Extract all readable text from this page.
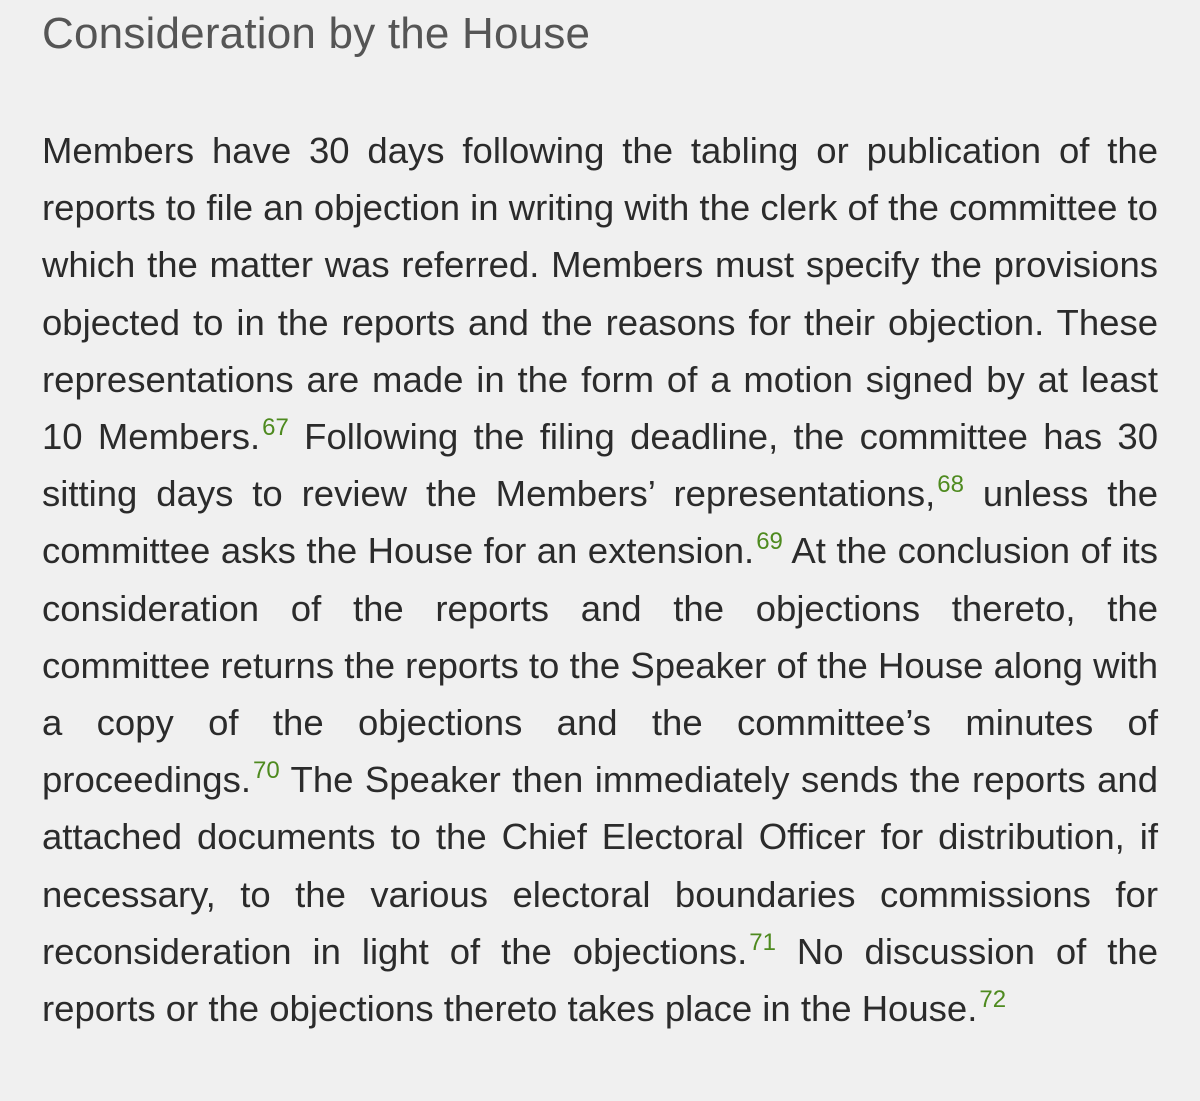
Consideration by the House

Members have 30 days following the tabling or publication of the reports to file an objection in writing with the clerk of the committee to which the matter was referred. Members must specify the provisions objected to in the reports and the reasons for their objection. These representations are made in the form of a motion signed by at least 10 Members.$^{67}$ Following the filing deadline, the committee has 30 sitting days to review the Members’ representations,$^{68}$ unless the committee asks the House for an extension.$^{69}$ At the conclusion of its consideration of the reports and the objections thereto, the committee returns the reports to the Speaker of the House along with a copy of the objections and the committee’s minutes of proceedings.$^{70}$ The Speaker then immediately sends the reports and attached documents to the Chief Electoral Officer for distribution, if necessary, to the various electoral boundaries commissions for reconsideration in light of the objections.$^{71}$ No discussion of the reports or the objections thereto takes place in the House.$^{72}$
